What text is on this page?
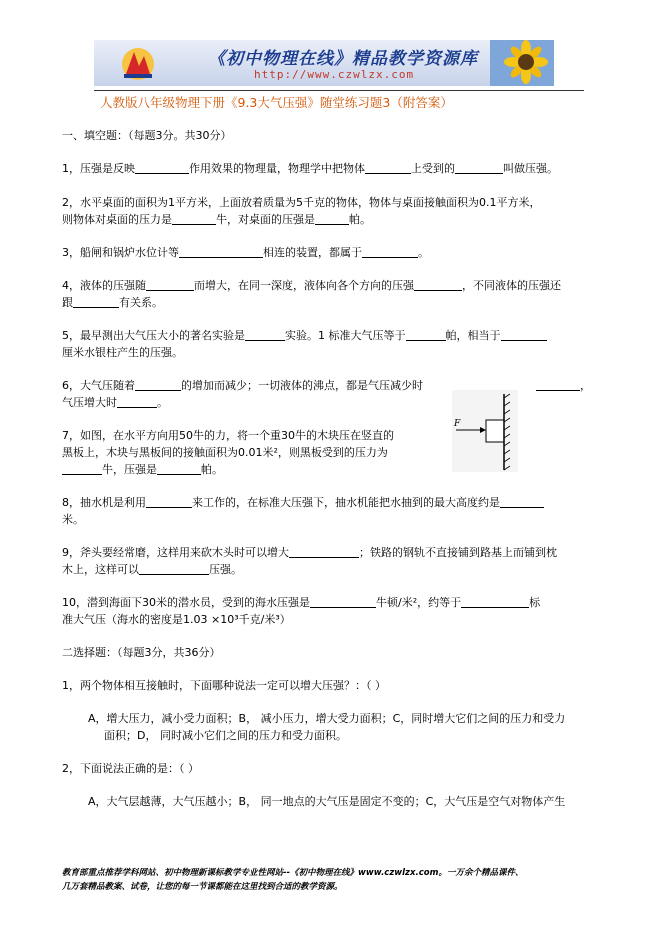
《初中物理在线》精品教学资源库
http://www.czwlzx.com
人教版八年级物理下册《9.3大气压强》随堂练习题3（附答案）
一、填空题：（每题3分。共30分）
1，压强是反映	作用效果的物理量，物理学中把物体	上受到的	叫做压强。
2，水平桌面的面积为1平方米，上面放着质量为5千克的物体，物体与桌面接触面积为0.1平方米，
则物体对桌面的压力是	牛，对桌面的压强是	帕。
3，船闸和锅炉水位计等	相连的装置，都属于	。
4，液体的压强随	而增大，在同一深度，液体向各个方向的压强	，不同液体的压强还
跟	有关系。
5，最早测出大气压大小的著名实验是	实验。1 标准大气压等于	帕，相当于
厘米水银柱产生的压强。
6，大气压随着	的增加而减少；一切液体的沸点，都是气压减少时	，
气压增大时	。
7，如图，在水平方向用50牛的力，将一个重30牛的木块压在竖直的
黑板上，木块与黑板间的接触面积为0.01米²，则黑板受到的压力为
牛，压强是	帕。
F
8，抽水机是利用	来工作的，在标准大压强下，抽水机能把水抽到的最大高度约是
米。
9，斧头要经常磨，这样用来砍木头时可以增大	；铁路的钢轨不直接铺到路基上而铺到枕
木上，这样可以	压强。
10，潜到海面下30米的潜水员，受到的海水压强是	牛顿/米²，约等于	标
准大气压（海水的密度是1.03 ×10³千克/米³）
二选择题：（每题3分，共36分）
1，两个物体相互接触时，下面哪种说法一定可以增大压强？：（ ）
A，增大压力，减小受力面积；B， 减小压力，增大受力面积；C，同时增大它们之间的压力和受力
面积；D， 同时减小它们之间的压力和受力面积。
2，下面说法正确的是：（ ）
A，大气层越薄，大气压越小；B， 同一地点的大气压是固定不变的；C，大气压是空气对物体产生
教育部重点推荐学科网站、初中物理新课标教学专业性网站--《初中物理在线》www.czwlzx.com。一万余个精品课件、
几万套精品教案、试卷，让您的每一节课都能在这里找到合适的教学资源。
